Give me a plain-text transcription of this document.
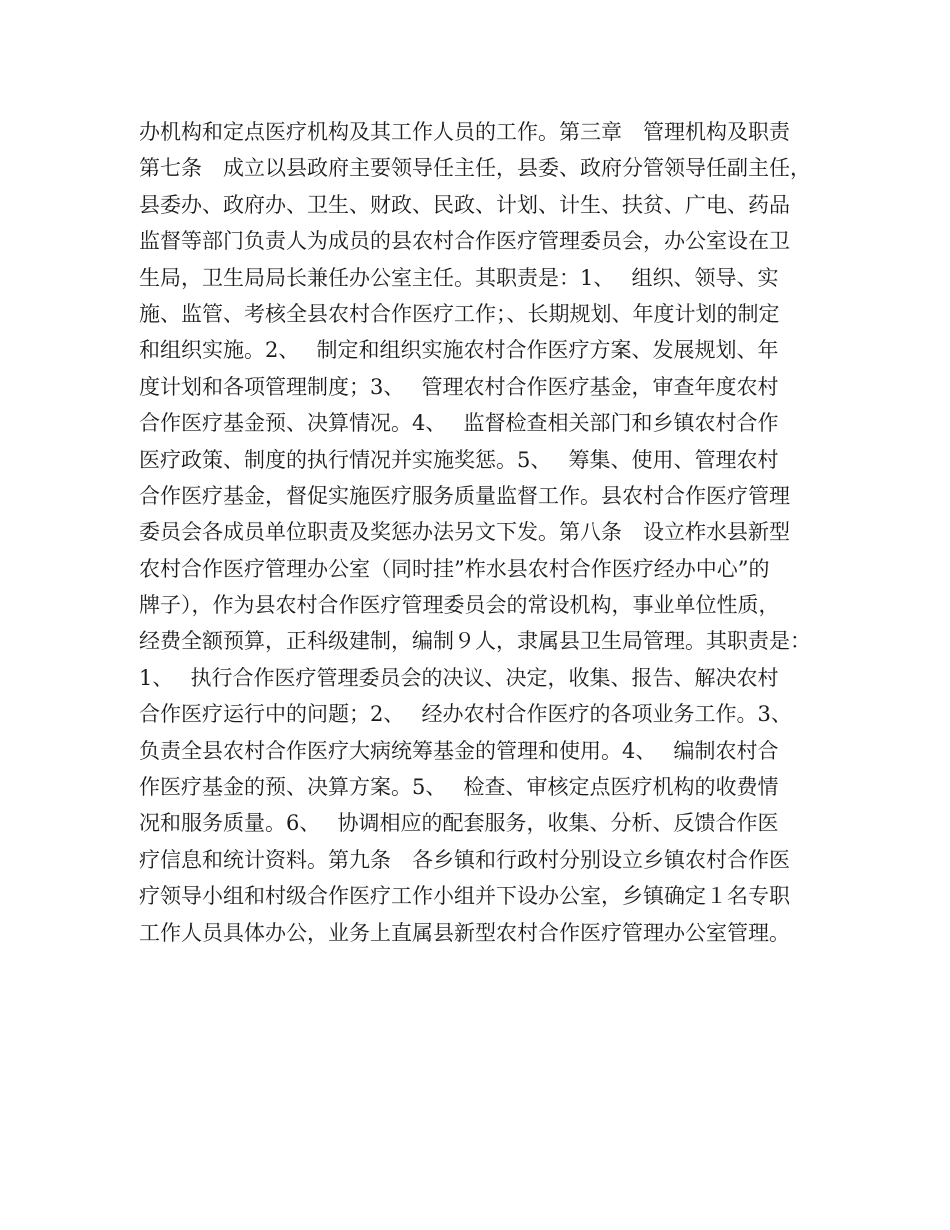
办机构和定点医疗机构及其工作人员的工作。第三章　管理机构及职责
第七条　成立以县政府主要领导任主任，县委、政府分管领导任副主任，
县委办、政府办、卫生、财政、民政、计划、计生、扶贫、广电、药品
监督等部门负责人为成员的县农村合作医疗管理委员会，办公室设在卫
生局，卫生局局长兼任办公室主任。其职责是：1、　 组织、领导、实
施、监管、考核全县农村合作医疗工作；、长期规划、年度计划的制定
和组织实施。2、　 制定和组织实施农村合作医疗方案、发展规划、年
度计划和各项管理制度；3、　 管理农村合作医疗基金，审查年度农村
合作医疗基金预、决算情况。4、　 监督检查相关部门和乡镇农村合作
医疗政策、制度的执行情况并实施奖惩。5、　 筹集、使用、管理农村
合作医疗基金，督促实施医疗服务质量监督工作。县农村合作医疗管理
委员会各成员单位职责及奖惩办法另文下发。第八条　设立柞水县新型
农村合作医疗管理办公室（同时挂”柞水县农村合作医疗经办中心”的
牌子），作为县农村合作医疗管理委员会的常设机构，事业单位性质，
经费全额预算，正科级建制，编制９人，隶属县卫生局管理。其职责是：
1、　 执行合作医疗管理委员会的决议、决定，收集、报告、解决农村
合作医疗运行中的问题；2、　 经办农村合作医疗的各项业务工作。3、
负责全县农村合作医疗大病统筹基金的管理和使用。4、　 编制农村合
作医疗基金的预、决算方案。5、　 检查、审核定点医疗机构的收费情
况和服务质量。6、　 协调相应的配套服务，收集、分析、反馈合作医
疗信息和统计资料。第九条　各乡镇和行政村分别设立乡镇农村合作医
疗领导小组和村级合作医疗工作小组并下设办公室，乡镇确定１名专职
工作人员具体办公，业务上直属县新型农村合作医疗管理办公室管理。
